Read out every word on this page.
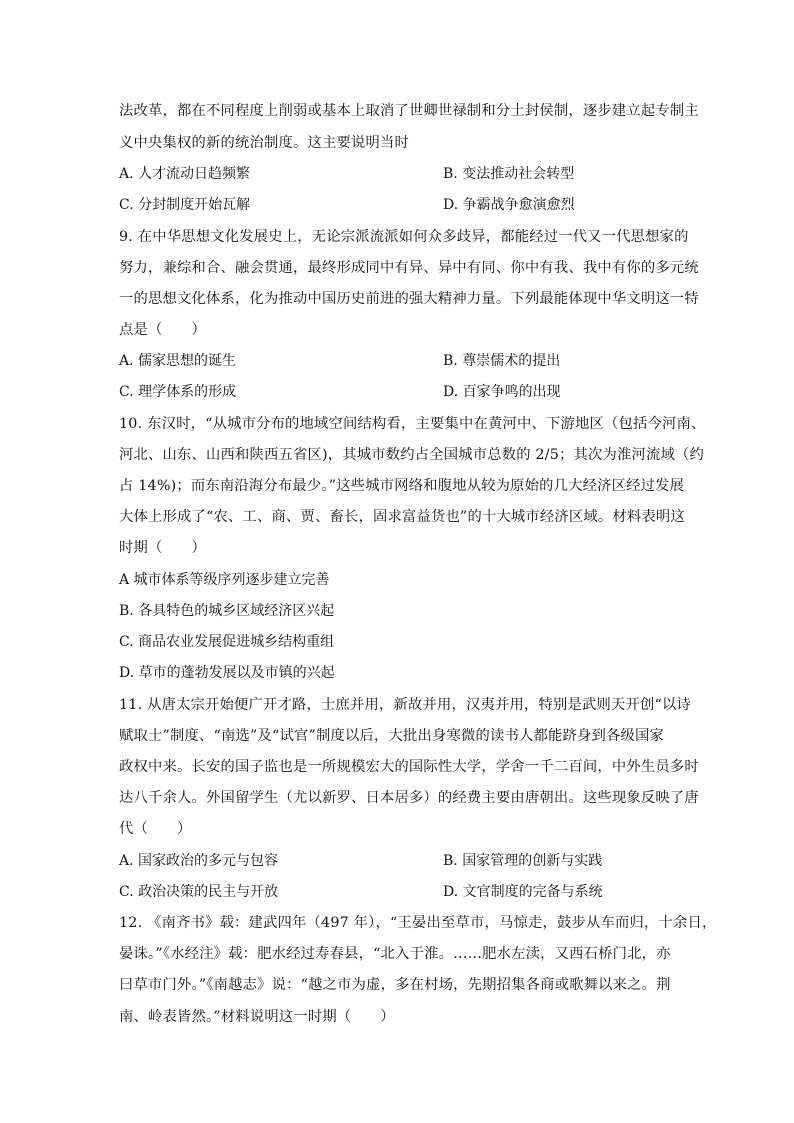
法改革，都在不同程度上削弱或基本上取消了世卿世禄制和分土封侯制，逐步建立起专制主
义中央集权的新的统治制度。这主要说明当时
A. 人才流动日趋频繁	B. 变法推动社会转型
C. 分封制度开始瓦解	D. 争霸战争愈演愈烈
9. 在中华思想文化发展史上，无论宗派流派如何众多歧异，都能经过一代又一代思想家的
努力，兼综和合、融会贯通，最终形成同中有异、异中有同、你中有我、我中有你的多元统
一的思想文化体系，化为推动中国历史前进的强大精神力量。下列最能体现中华文明这一特
点是（　　）
A. 儒家思想的诞生	B. 尊崇儒术的提出
C. 理学体系的形成	D. 百家争鸣的出现
10. 东汉时，“从城市分布的地域空间结构看，主要集中在黄河中、下游地区（包括今河南、
河北、山东、山西和陕西五省区)，其城市数约占全国城市总数的 2/5；其次为淮河流域（约
占 14%)；而东南沿海分布最少。”这些城市网络和腹地从较为原始的几大经济区经过发展
大体上形成了“农、工、商、贾、畜长，固求富益货也”的十大城市经济区域。材料表明这
时期（　　）
A 城市体系等级序列逐步建立完善
B. 各具特色的城乡区域经济区兴起
C. 商品农业发展促进城乡结构重组
D. 草市的蓬勃发展以及市镇的兴起
11. 从唐太宗开始便广开才路，士庶并用，新故并用，汉夷并用，特别是武则天开创“以诗
赋取士”制度、“南选”及“试官”制度以后，大批出身寒微的读书人都能跻身到各级国家
政权中来。长安的国子监也是一所规模宏大的国际性大学，学舍一千二百间，中外生员多时
达八千余人。外国留学生（尤以新罗、日本居多）的经费主要由唐朝出。这些现象反映了唐
代（　　）
A. 国家政治的多元与包容	B. 国家管理的创新与实践
C. 政治决策的民主与开放	D. 文官制度的完备与系统
12. 《南齐书》载：建武四年（497 年），“王晏出至草市，马惊走，鼓步从车而归，十余日，
晏诛。”《水经注》载：肥水经过寿春县，“北入于淮。……肥水左渎，又西石桥门北，亦
曰草市门外。”《南越志》说：“越之市为虚，多在村场，先期招集各商或歌舞以来之。荆
南、岭表皆然。”材料说明这一时期（　　）
